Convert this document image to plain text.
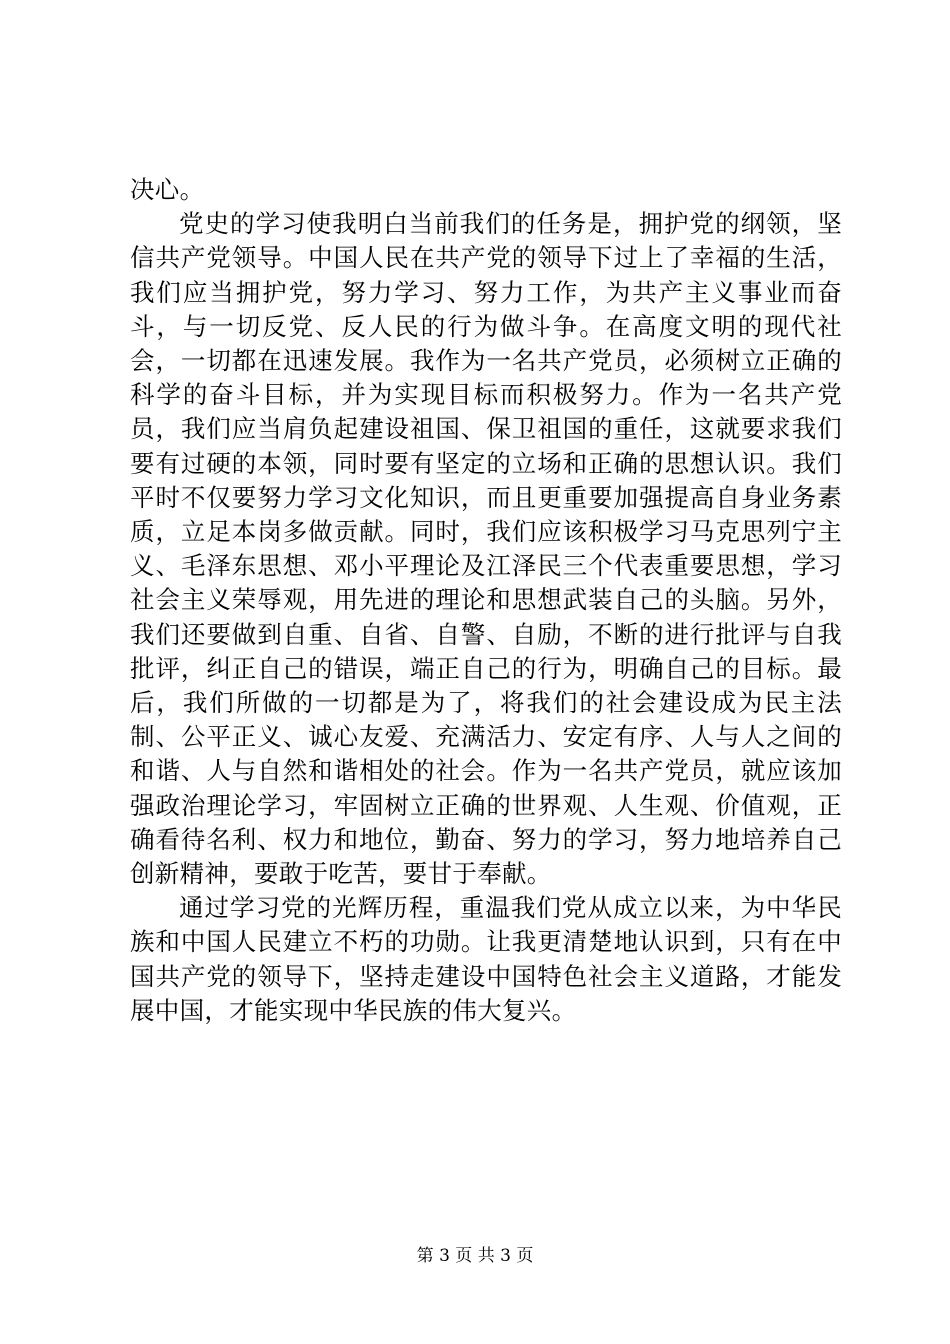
决心。

党史的学习使我明白当前我们的任务是，拥护党的纲领，坚信共产党领导。中国人民在共产党的领导下过上了幸福的生活，我们应当拥护党，努力学习、努力工作，为共产主义事业而奋斗，与一切反党、反人民的行为做斗争。在高度文明的现代社会，一切都在迅速发展。我作为一名共产党员，必须树立正确的科学的奋斗目标，并为实现目标而积极努力。作为一名共产党员，我们应当肩负起建设祖国、保卫祖国的重任，这就要求我们要有过硬的本领，同时要有坚定的立场和正确的思想认识。我们平时不仅要努力学习文化知识，而且更重要加强提高自身业务素质，立足本岗多做贡献。同时，我们应该积极学习马克思列宁主义、毛泽东思想、邓小平理论及江泽民三个代表重要思想，学习社会主义荣辱观，用先进的理论和思想武装自己的头脑。另外，我们还要做到自重、自省、自警、自励，不断的进行批评与自我批评，纠正自己的错误，端正自己的行为，明确自己的目标。最后，我们所做的一切都是为了，将我们的社会建设成为民主法制、公平正义、诚心友爱、充满活力、安定有序、人与人之间的和谐、人与自然和谐相处的社会。作为一名共产党员，就应该加强政治理论学习，牢固树立正确的世界观、人生观、价值观，正确看待名利、权力和地位，勤奋、努力的学习，努力地培养自己创新精神，要敢于吃苦，要甘于奉献。

通过学习党的光辉历程，重温我们党从成立以来，为中华民族和中国人民建立不朽的功勋。让我更清楚地认识到，只有在中国共产党的领导下，坚持走建设中国特色社会主义道路，才能发展中国，才能实现中华民族的伟大复兴。

第 3 页 共 3 页
